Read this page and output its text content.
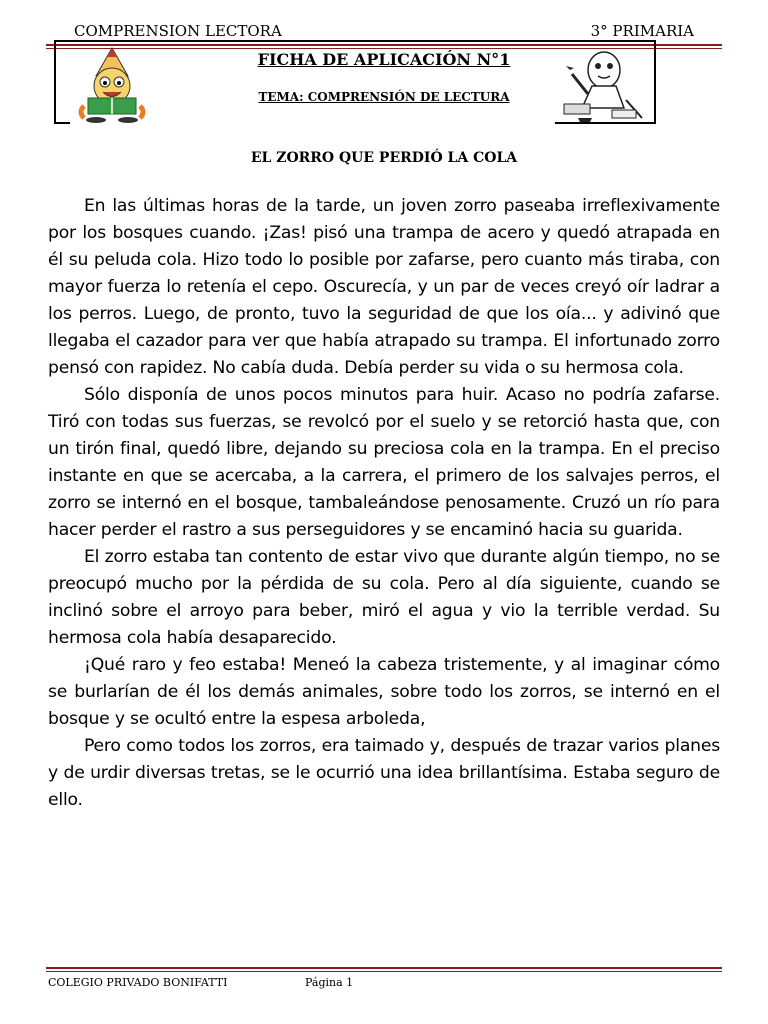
COMPRENSION LECTORA	3° PRIMARIA
FICHA DE APLICACIÓN N°1
TEMA: COMPRENSIÓN DE LECTURA
EL ZORRO QUE PERDIÓ LA COLA

En las últimas horas de la tarde, un joven zorro paseaba irreflexivamente por los bosques cuando. ¡Zas! pisó una trampa de acero y quedó atrapada en él su peluda cola. Hizo todo lo posible por zafarse, pero cuanto más tiraba, con mayor fuerza lo retenía el cepo. Oscurecía, y un par de veces creyó oír ladrar a los perros. Luego, de pronto, tuvo la seguridad de que los oía... y adivinó que llegaba el cazador para ver que había atrapado su trampa. El infortunado zorro pensó con rapidez. No cabía duda. Debía perder su vida o su hermosa cola.

Sólo disponía de unos pocos minutos para huir. Acaso no podría zafarse. Tiró con todas sus fuerzas, se revolcó por el suelo y se retorció hasta que, con un tirón final, quedó libre, dejando su preciosa cola en la trampa. En el preciso instante en que se acercaba, a la carrera, el primero de los salvajes perros, el zorro se internó en el bosque, tambaleándose penosamente. Cruzó un río para hacer perder el rastro a sus perseguidores y se encaminó hacia su guarida.

El zorro estaba tan contento de estar vivo que durante algún tiempo, no se preocupó mucho por la pérdida de su cola. Pero al día siguiente, cuando se inclinó sobre el arroyo para beber, miró el agua y vio la terrible verdad. Su hermosa cola había desaparecido.

¡Qué raro y feo estaba! Meneó la cabeza tristemente, y al imaginar cómo se burlarían de él los demás animales, sobre todo los zorros, se internó en el bosque y se ocultó entre la espesa arboleda,

Pero como todos los zorros, era taimado y, después de trazar varios planes y de urdir diversas tretas, se le ocurrió una idea brillantísima. Estaba seguro de ello.

COLEGIO PRIVADO BONIFATTI	Página 1
